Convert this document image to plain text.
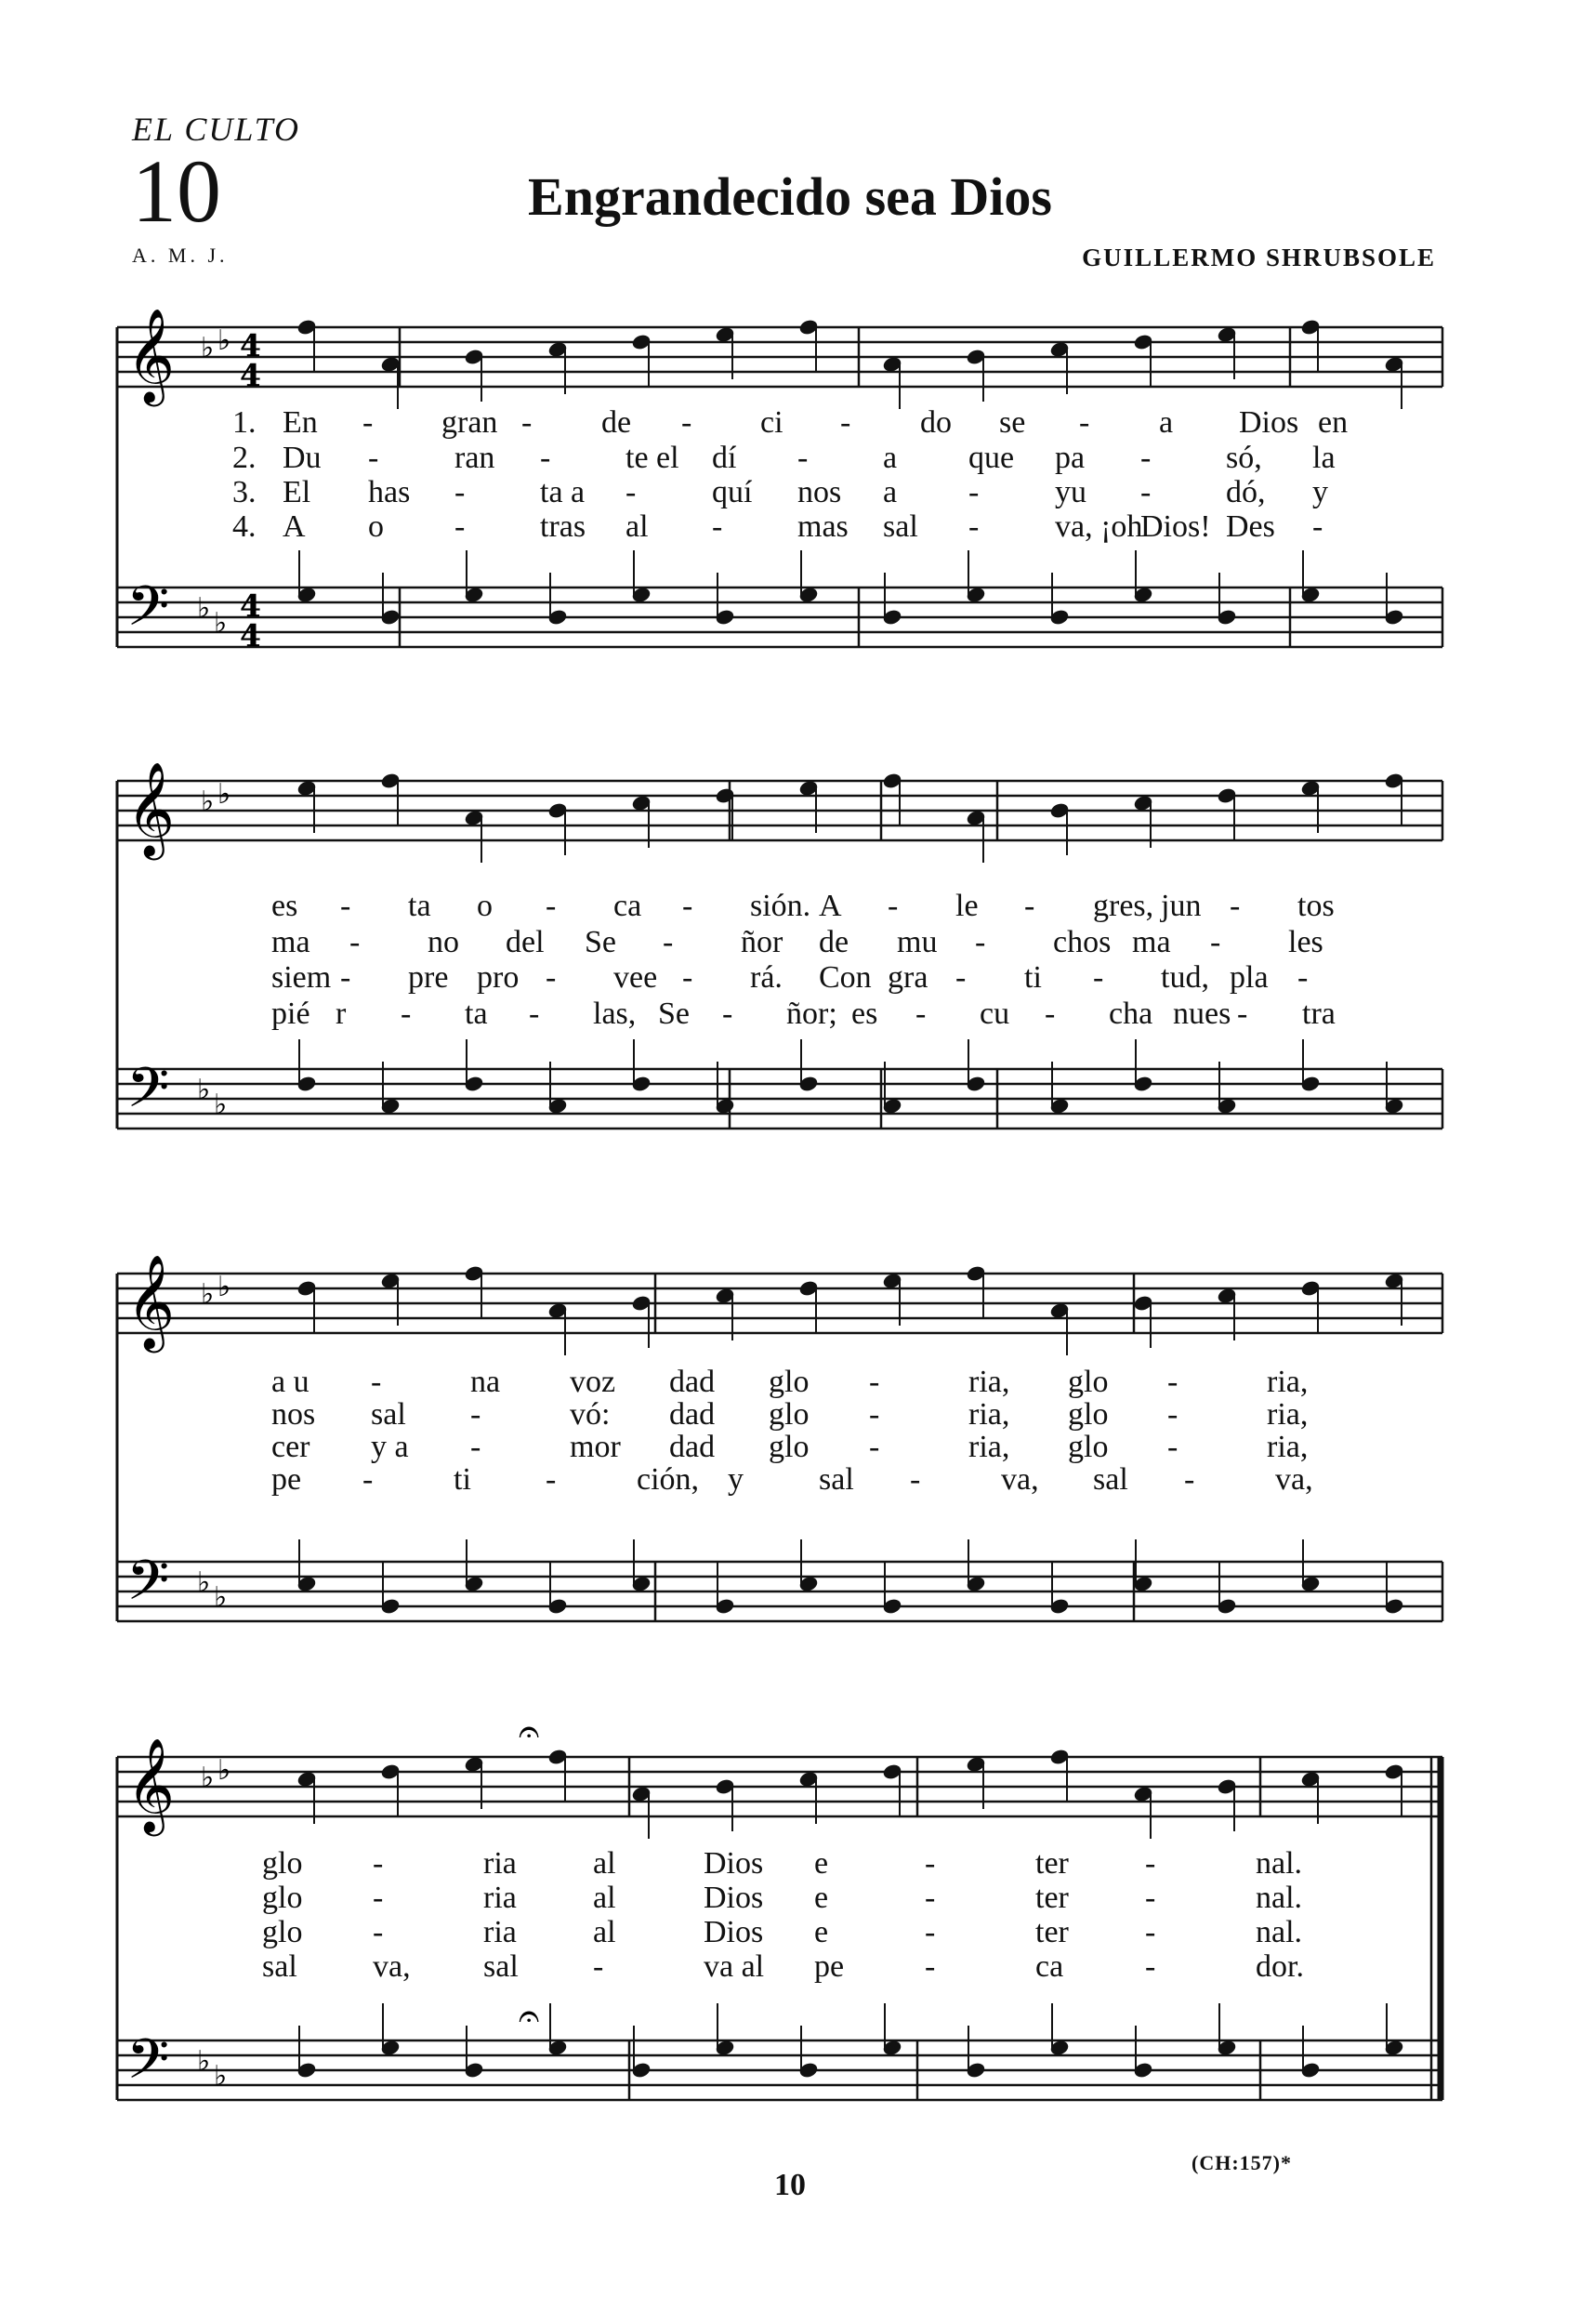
EL CULTO
10
A. M. J.
Engrandecido sea Dios
GUILLERMO SHRUBSOLE
𝄞
𝄢
♭ ♭
♭ ♭
4
4
4
4
1. En - gran - de - ci - do se - a Dios en
2. Du - ran - te el dí - a que pa - só, la
3. El has - ta a - quí nos a - yu - dó, y
4. A o - tras al - mas sal - va, ¡oh
Dios! Des -
𝄞
𝄢
♭ ♭
♭ ♭
es - ta o - ca - sión. A - le - gres, jun - tos
ma - no del Se - ñor de mu - chos ma - les
siem - pre pro - vee - rá. Con gra - ti - tud, pla -
pié r - ta - las, Se - ñor; es - cu - cha nues - tra
𝄞
𝄢
♭ ♭
♭ ♭
a u -	na voz dad glo -	ria, glo -	ria,
nos sal -	vó: dad glo -	ria, glo -	ria,
cer y a -	mor dad glo -	ria, glo -	ria,
pe -	ti -	ción, y sal -	va, sal -	va,
𝄞
𝄢
♭ ♭
♭ ♭
𝄐
𝄐
glo -	ria al	Dios e	-	ter -	nal.
glo -	ria al	Dios e	-	ter -	nal.
glo -	ria al	Dios e	-	ter -	nal.
sal va, sal -	va al pe	-	ca	-	dor.
10
(CH:157)*
